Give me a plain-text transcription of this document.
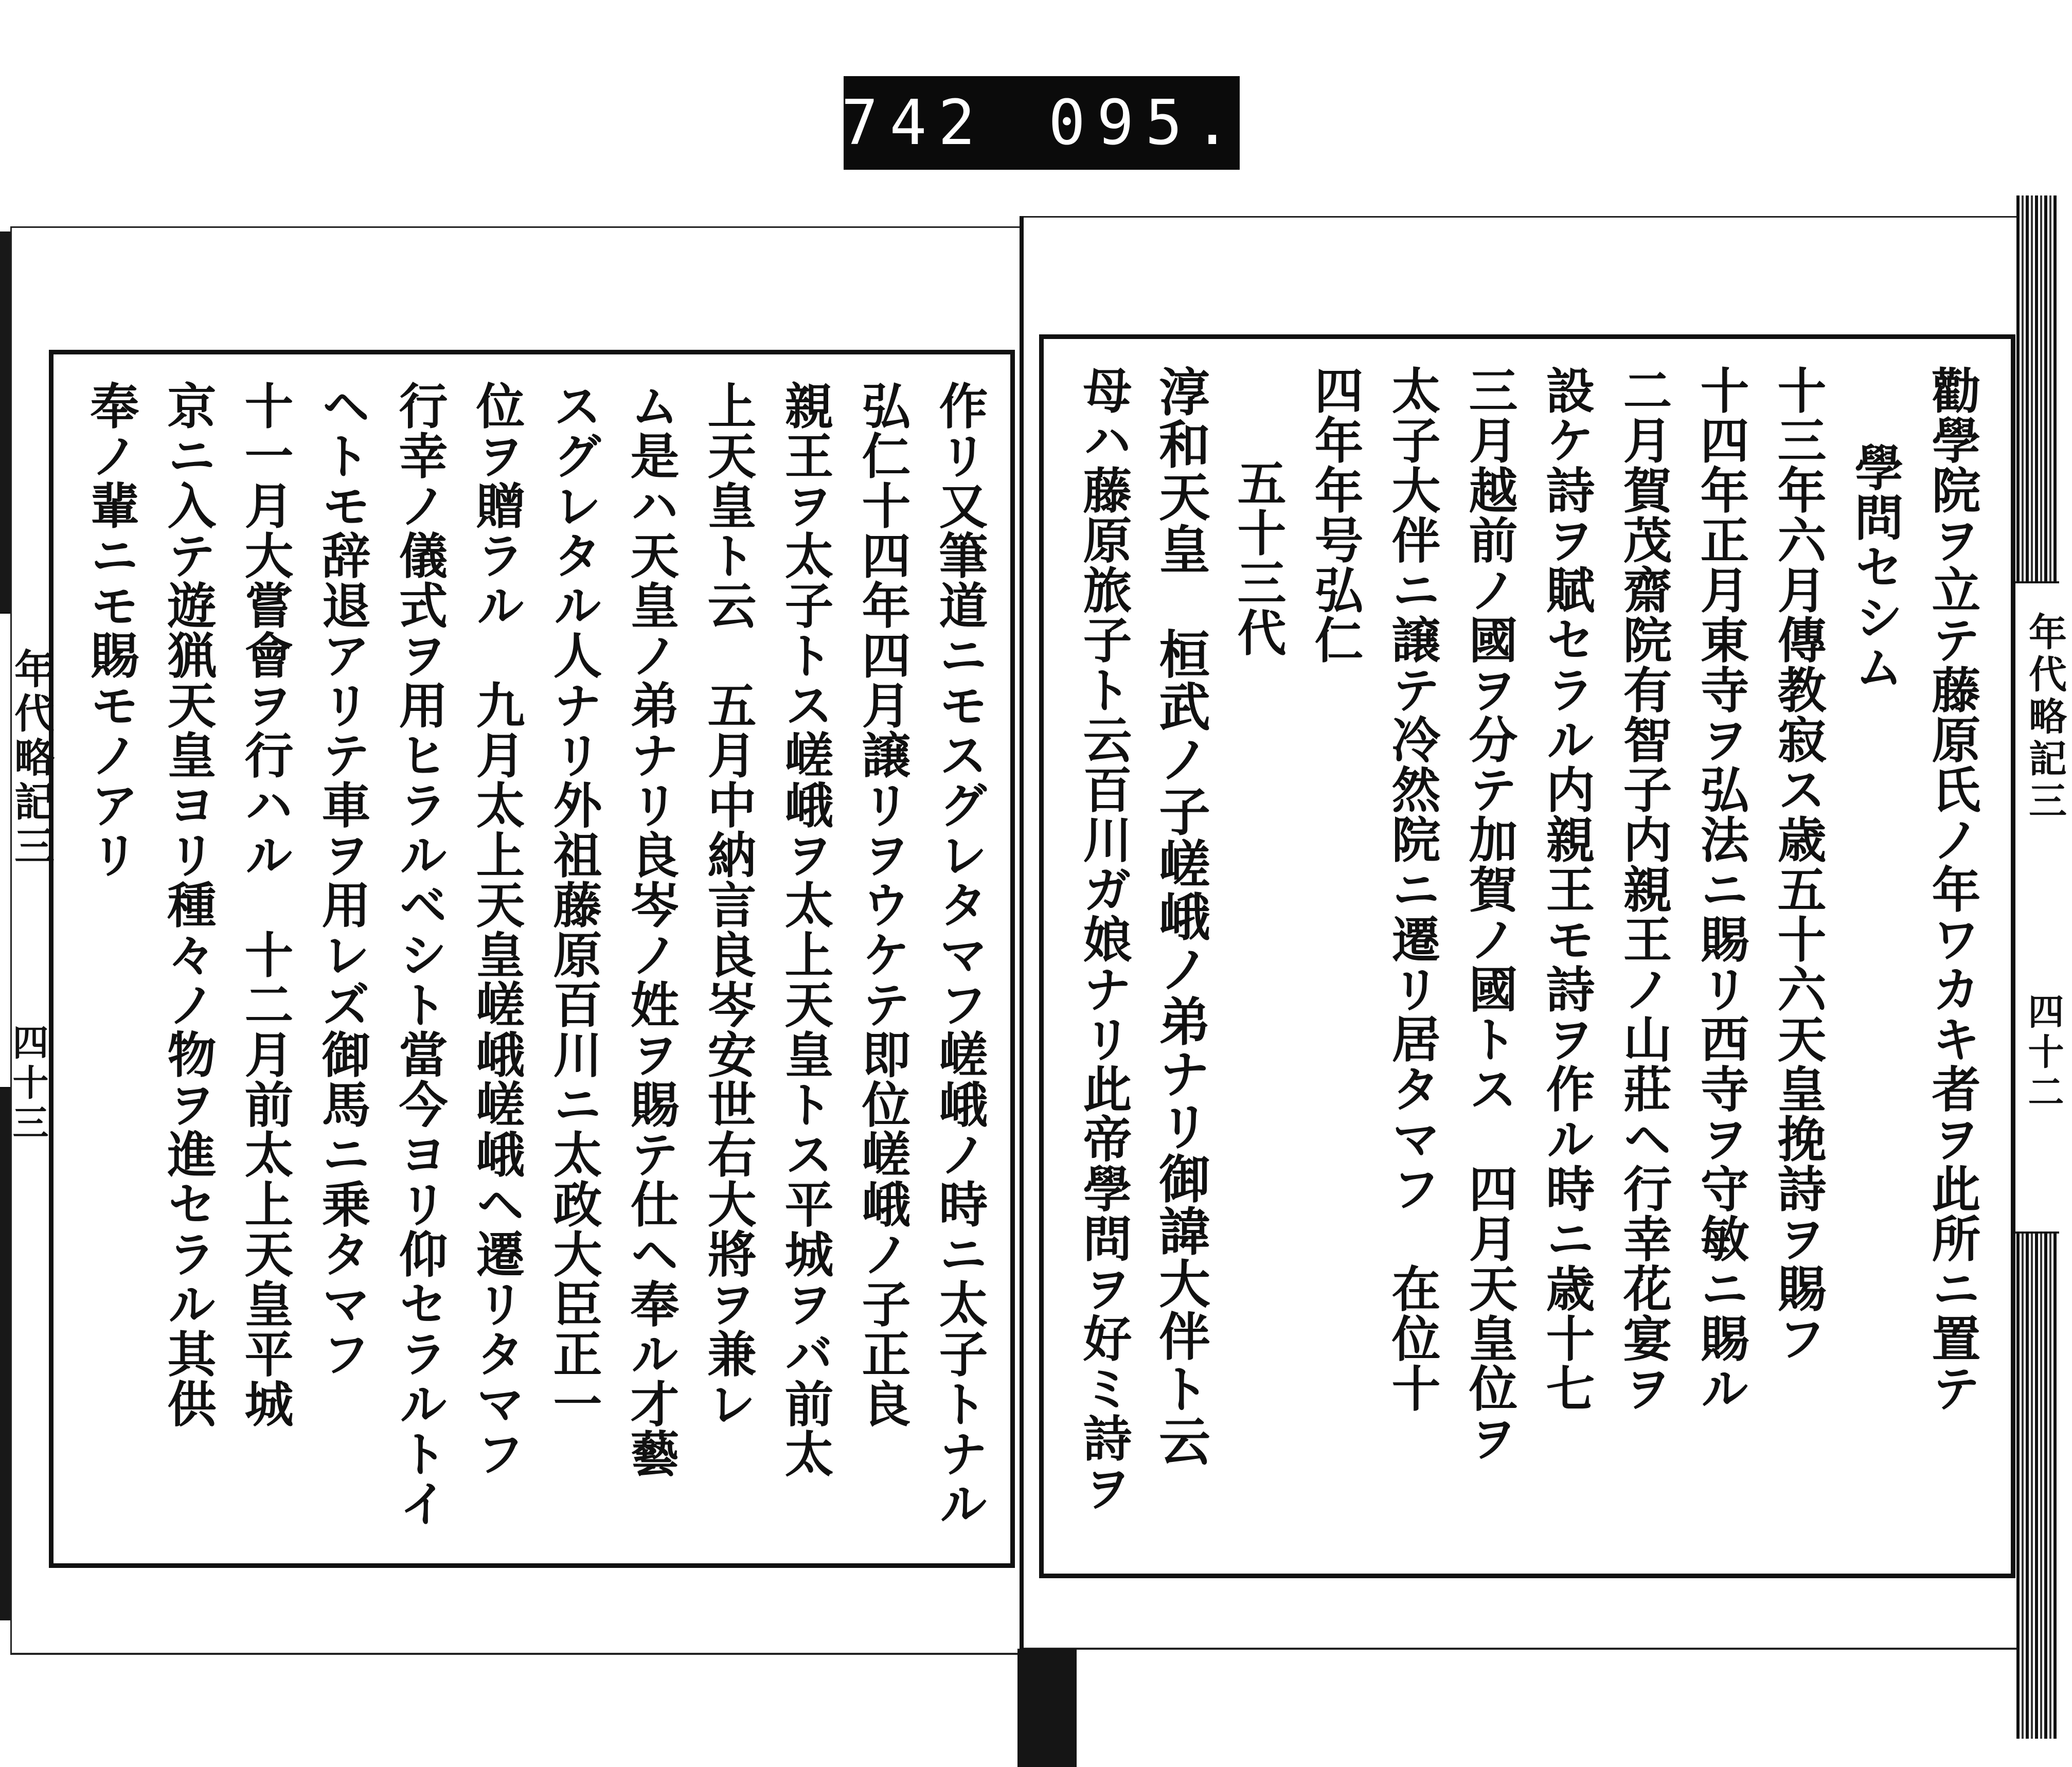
742 095.
勸學院ヲ立テ藤原氏ノ年ワカキ者ヲ此所ニ置テ
學問セシム
十三年六月傳教寂ス歳五十六天皇挽詩ヲ賜フ
十四年正月東寺ヲ弘法ニ賜リ西寺ヲ守敏ニ賜ル
二月賀茂齋院有智子内親王ノ山莊ヘ行幸花宴ヲ
設ケ詩ヲ賦セラル内親王モ詩ヲ作ル時ニ歳十七
三月越前ノ國ヲ分テ加賀ノ國トス　四月天皇位ヲ
太子大伴ニ譲テ冷然院ニ遷リ居タマフ　在位十
四年年号弘仁
五十三代
淳和天皇　桓武ノ子嵯峨ノ弟ナリ御諱大伴ト云
母ハ藤原旅子ト云百川ガ娘ナリ此帝學問ヲ好ミ詩ヲ
作リ又筆道ニモスグレタマフ嵯峨ノ時ニ太子トナル
弘仁十四年四月譲リヲウケテ即位嵯峨ノ子正良
親王ヲ太子トス嵯峨ヲ太上天皇トス平城ヲバ前太
上天皇ト云　五月中納言良岑安世右大將ヲ兼レ
ム是ハ天皇ノ弟ナリ良岑ノ姓ヲ賜テ仕ヘ奉ル才藝
スグレタル人ナリ外祖藤原百川ニ太政大臣正一
位ヲ贈ラル　九月太上天皇嵯峨嵯峨ヘ遷リタマフ
行幸ノ儀式ヲ用ヒラルベシト當今ヨリ仰セラルトイ
ヘトモ辞退アリテ車ヲ用レズ御馬ニ乗タマフ
十一月大嘗會ヲ行ハル　十二月前太上天皇平城
京ニ入テ遊猟天皇ヨリ種々ノ物ヲ進セラル其供
奉ノ輩ニモ賜モノアリ
年代略記三
四十三
年代略記三
四十二
